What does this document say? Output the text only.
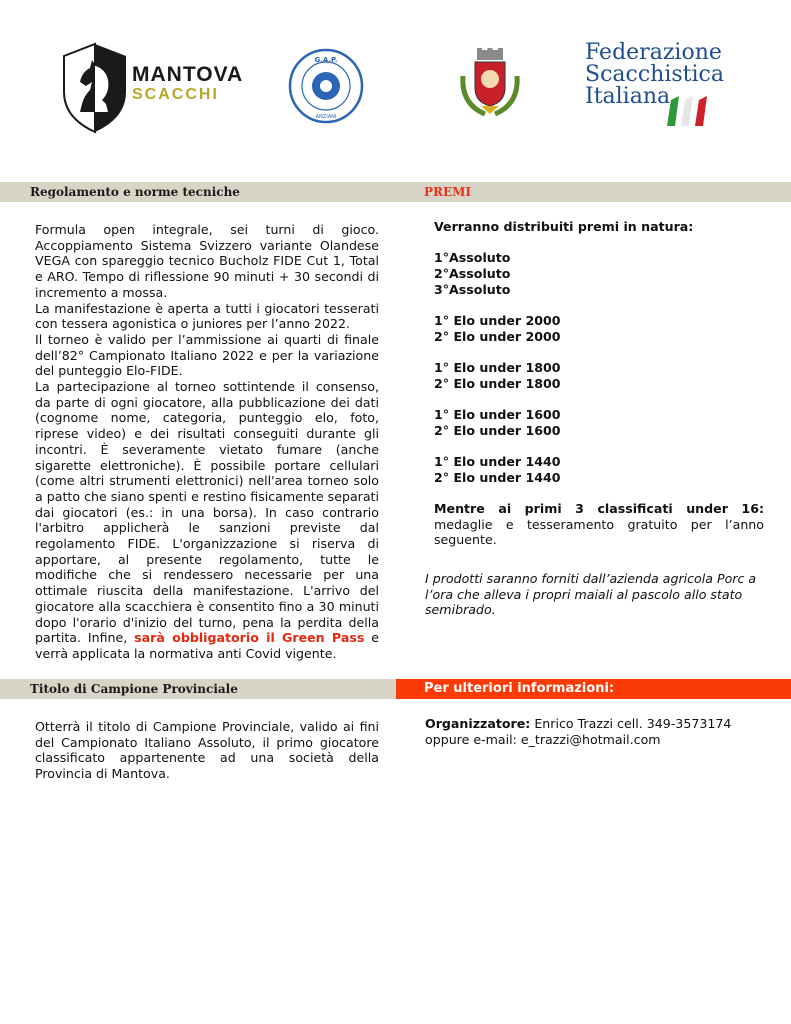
MANTOVA
SCACCHI
G.A.P.
ANZIANI
Federazione
Scacchistica
Italiana
Regolamento e norme tecniche	PREMI

Formula open integrale, sei turni di gioco. Accoppiamento Sistema Svizzero variante Olandese VEGA con spareggio tecnico Bucholz FIDE Cut 1, Total e ARO. Tempo di riflessione 90 minuti + 30 secondi di incremento a mossa.

La manifestazione è aperta a tutti i giocatori tesserati con tessera agonistica o juniores per l’anno 2022.

Il torneo è valido per l’ammissione ai quarti di finale dell’82° Campionato Italiano 2022 e per la variazione del punteggio Elo-FIDE.

La partecipazione al torneo sottintende il consenso, da parte di ogni giocatore, alla pubblicazione dei dati (cognome nome, categoria, punteggio elo, foto, riprese video) e dei risultati conseguiti durante gli incontri. È severamente vietato fumare (anche sigarette elettroniche). È possibile portare cellulari (come altri strumenti elettronici) nell'area torneo solo a patto che siano spenti e restino fisicamente separati dai giocatori (es.: in una borsa). In caso contrario l'arbitro applicherà le sanzioni previste dal regolamento FIDE. L'organizzazione si riserva di apportare, al presente regolamento, tutte le modifiche che si rendessero necessarie per una ottimale riuscita della manifestazione. L'arrivo del giocatore alla scacchiera è consentito fino a 30 minuti dopo l'orario d'inizio del turno, pena la perdita della partita. Infine, sarà obbligatorio il Green Pass e verrà applicata la normativa anti Covid vigente.

Verranno distribuiti premi in natura:
1°Assoluto
2°Assoluto
3°Assoluto
1° Elo under 2000
2° Elo under 2000
1° Elo under 1800
2° Elo under 1800
1° Elo under 1600
2° Elo under 1600
1° Elo under 1440
2° Elo under 1440
Mentre ai primi 3 classificati under 16: medaglie e tesseramento gratuito per l’anno seguente.
I prodotti saranno forniti dall’azienda agricola Porc a l’ora che alleva i propri maiali al pascolo allo stato semibrado.
Titolo di Campione Provinciale	Per ulteriori informazioni:
Otterrà il titolo di Campione Provinciale, valido ai fini del Campionato Italiano Assoluto, il primo giocatore classificato appartenente ad una società della Provincia di Mantova.
Organizzatore: Enrico Trazzi cell. 349-3573174
oppure e-mail: e_trazzi@hotmail.com
